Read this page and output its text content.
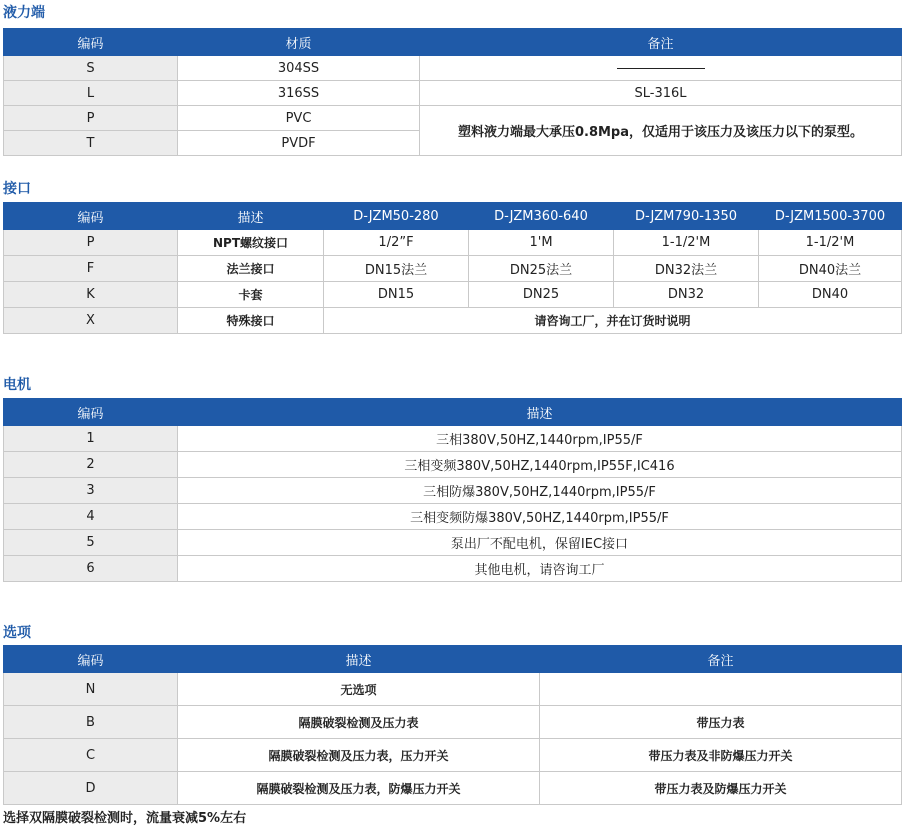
液力端
编码	材质	备注
S	304SS	
L	316SS	SL-316L
P	PVC	塑料液力端最大承压0.8Mpa，仅适用于该压力及该压力以下的泵型。
T	PVDF	
接口
编码	描述	D-JZM50-280	D-JZM360-640	D-JZM790-1350	D-JZM1500-3700
P	NPT螺纹接口	1/2”F	1'M	1-1/2'M	1-1/2'M
F	法兰接口	DN15法兰	DN25法兰	DN32法兰	DN40法兰
K	卡套	DN15	DN25	DN32	DN40
X	特殊接口	请咨询工厂，并在订货时说明			
电机
编码	描述
1	三相380V,50HZ,1440rpm,IP55/F
2	三相变频380V,50HZ,1440rpm,IP55F,IC416
3	三相防爆380V,50HZ,1440rpm,IP55/F
4	三相变频防爆380V,50HZ,1440rpm,IP55/F
5	泵出厂不配电机，保留IEC接口
6	其他电机，请咨询工厂
选项
编码	描述	备注
N	无选项	
B	隔膜破裂检测及压力表	带压力表
C	隔膜破裂检测及压力表，压力开关	带压力表及非防爆压力开关
D	隔膜破裂检测及压力表，防爆压力开关	带压力表及防爆压力开关
选择双隔膜破裂检测时，流量衰减5%左右
